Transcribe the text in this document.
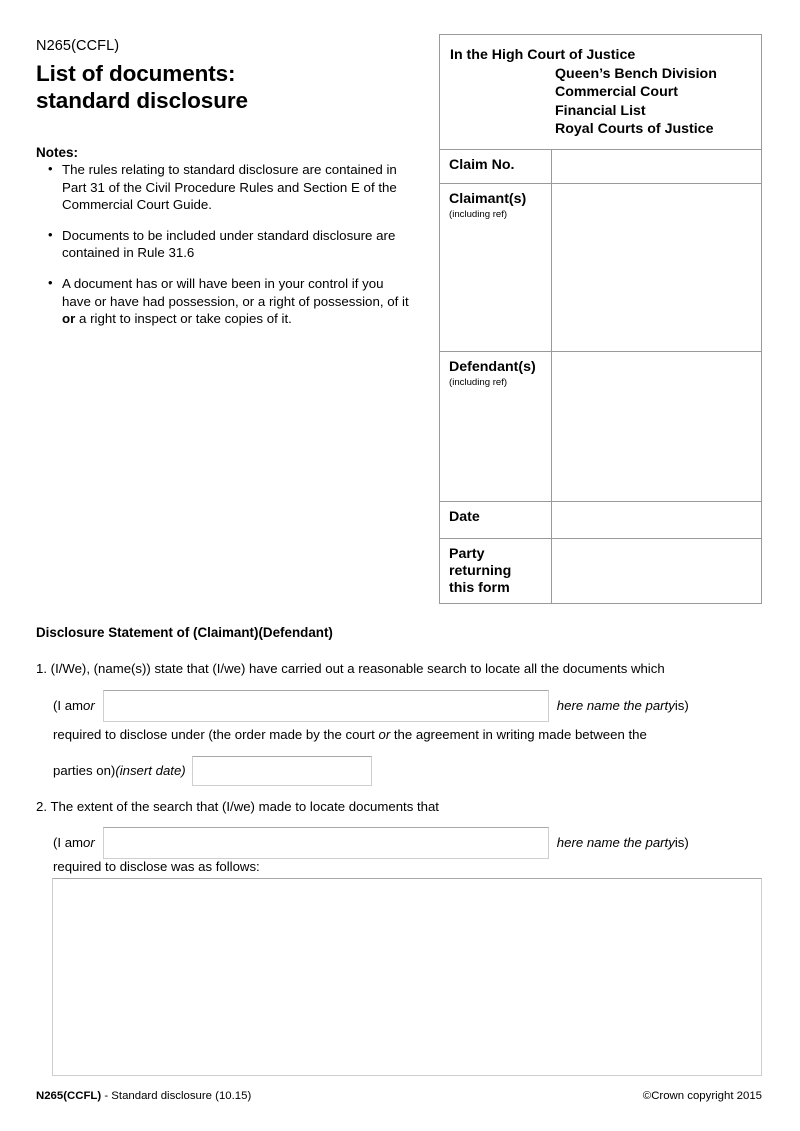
N265(CCFL)
List of documents:
standard disclosure
Notes:
• The rules relating to standard disclosure are contained in Part 31 of the Civil Procedure Rules and Section E of the Commercial Court Guide.
• Documents to be included under standard disclosure are contained in Rule 31.6
• A document has or will have been in your control if you have or have had possession, or a right of possession, of it or a right to inspect or take copies of it.
In the High Court of Justice
Queen’s Bench Division
Commercial Court
Financial List
Royal Courts of Justice
Claim No.
Claimant(s)
(including ref)
Defendant(s)
(including ref)
Date
Party
returning
this form
Disclosure Statement of (Claimant)(Defendant)
1. (I/We), (name(s)) state that (I/we) have carried out a reasonable search to locate all the documents which
(I am or	here name the party is)
required to disclose under (the order made by the court or the agreement in writing made between the
parties on) (insert date)
2. The extent of the search that (I/we) made to locate documents that
(I am or	here name the party is)
required to disclose was as follows:
N265(CCFL) - Standard disclosure (10.15)	©Crown copyright 2015
